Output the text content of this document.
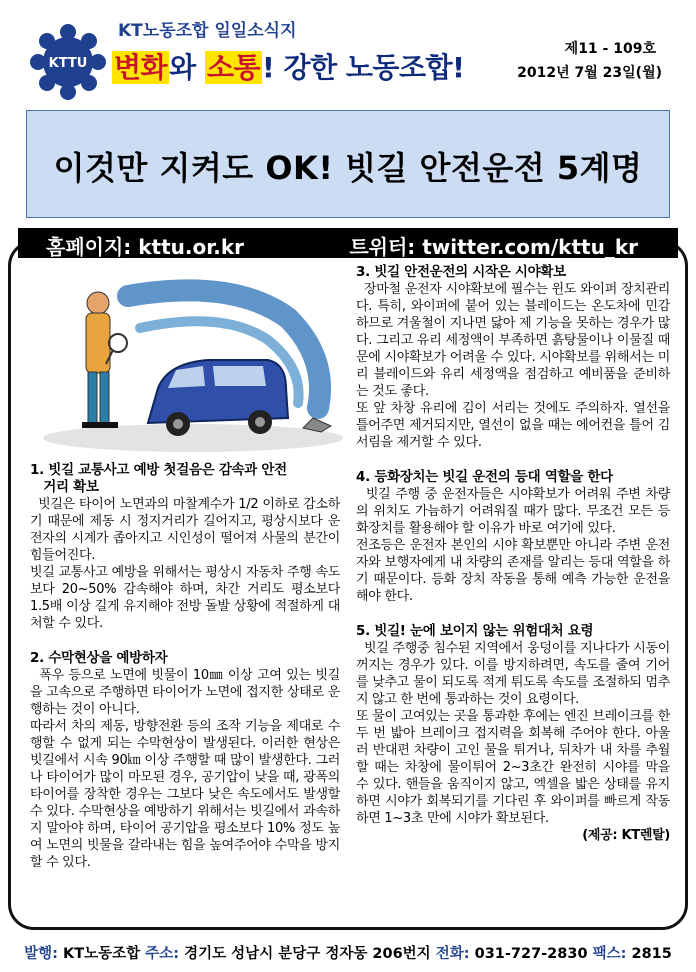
KTTU
KT노동조합 일일소식지
변화와 소통! 강한 노동조합!
제11 - 109호
2012년 7월 23일(월)
이것만 지켜도 OK! 빗길 안전운전 5계명
홈페이지: kttu.or.kr	트위터: twitter.com/kttu_kr
1. 빗길 교통사고 예방 첫걸음은 감속과 안전
거리 확보
빗길은 타이어 노면과의 마찰계수가 1/2 이하로 감소하기 때문에 제동 시 정지거리가 길어지고, 평상시보다 운전자의 시계가 좁아지고 시인성이 떨어져 사물의 분간이 힘들어진다.
빗길 교통사고 예방을 위해서는 평상시 자동차 주행 속도보다 20~50% 감속해야 하며, 차간 거리도 평소보다 1.5배 이상 길게 유지해야 전방 돌발 상황에 적절하게 대처할 수 있다.
2. 수막현상을 예방하자
폭우 등으로 노면에 빗물이 10㎜ 이상 고여 있는 빗길을 고속으로 주행하면 타이어가 노면에 접지한 상태로 운행하는 것이 아니다.
따라서 차의 제동, 방향전환 등의 조작 기능을 제대로 수행할 수 없게 되는 수막현상이 발생된다. 이러한 현상은 빗길에서 시속 90㎞ 이상 주행할 때 많이 발생한다. 그러나 타이어가 많이 마모된 경우, 공기압이 낮을 때, 광폭의 타이어를 장착한 경우는 그보다 낮은 속도에서도 발생할 수 있다. 수막현상을 예방하기 위해서는 빗길에서 과속하지 말아야 하며, 타이어 공기압을 평소보다 10% 정도 높여 노면의 빗물을 갈라내는 힘을 높여주어야 수막을 방지할 수 있다.
3. 빗길 안전운전의 시작은 시야확보
장마철 운전자 시야확보에 필수는 윈도 와이퍼 장치관리다. 특히, 와이퍼에 붙어 있는 블레이드는 온도차에 민감하므로 겨울철이 지나면 닳아 제 기능을 못하는 경우가 많다. 그리고 유리 세정액이 부족하면 흙탕물이나 이물질 때문에 시야확보가 어려울 수 있다. 시야확보를 위해서는 미리 블레이드와 유리 세정액을 점검하고 예비품을 준비하는 것도 좋다.
또 앞 차창 유리에 김이 서리는 것에도 주의하자. 열선을 틀어주면 제거되지만, 열선이 없을 때는 에어컨을 틀어 김서림을 제거할 수 있다.
4. 등화장치는 빗길 운전의 등대 역할을 한다
빗길 주행 중 운전자들은 시야확보가 어려워 주변 차량의 위치도 가늠하기 어려워질 때가 많다. 무조건 모든 등화장치를 활용해야 할 이유가 바로 여기에 있다.
전조등은 운전자 본인의 시야 확보뿐만 아니라 주변 운전자와 보행자에게 내 차량의 존재를 알리는 등대 역할을 하기 때문이다. 등화 장치 작동을 통해 예측 가능한 운전을 해야 한다.
5. 빗길! 눈에 보이지 않는 위험대처 요령
빗길 주행중 침수된 지역에서 웅덩이를 지나다가 시동이 꺼지는 경우가 있다. 이를 방지하려면, 속도를 줄여 기어를 낮추고 물이 되도록 적게 튀도록 속도를 조절하되 멈추지 않고 한 번에 통과하는 것이 요령이다.
또 물이 고여있는 곳을 통과한 후에는 엔진 브레이크를 한 두 번 밟아 브레이크 접지력을 회복해 주어야 한다. 아울러 반대편 차량이 고인 물을 튀거나, 뒤차가 내 차를 추월할 때는 차창에 물이튀어 2~3초간 완전히 시야를 막을 수 있다. 핸들을 움직이지 않고, 엑셀을 밟은 상태를 유지하면 시야가 회복되기를 기다린 후 와이퍼를 빠르게 작동하면 1~3초 만에 시야가 확보된다.
(제공: KT렌탈)
발행: KT노동조합 주소: 경기도 성남시 분당구 정자동 206번지 전화: 031-727-2830 팩스: 2815
